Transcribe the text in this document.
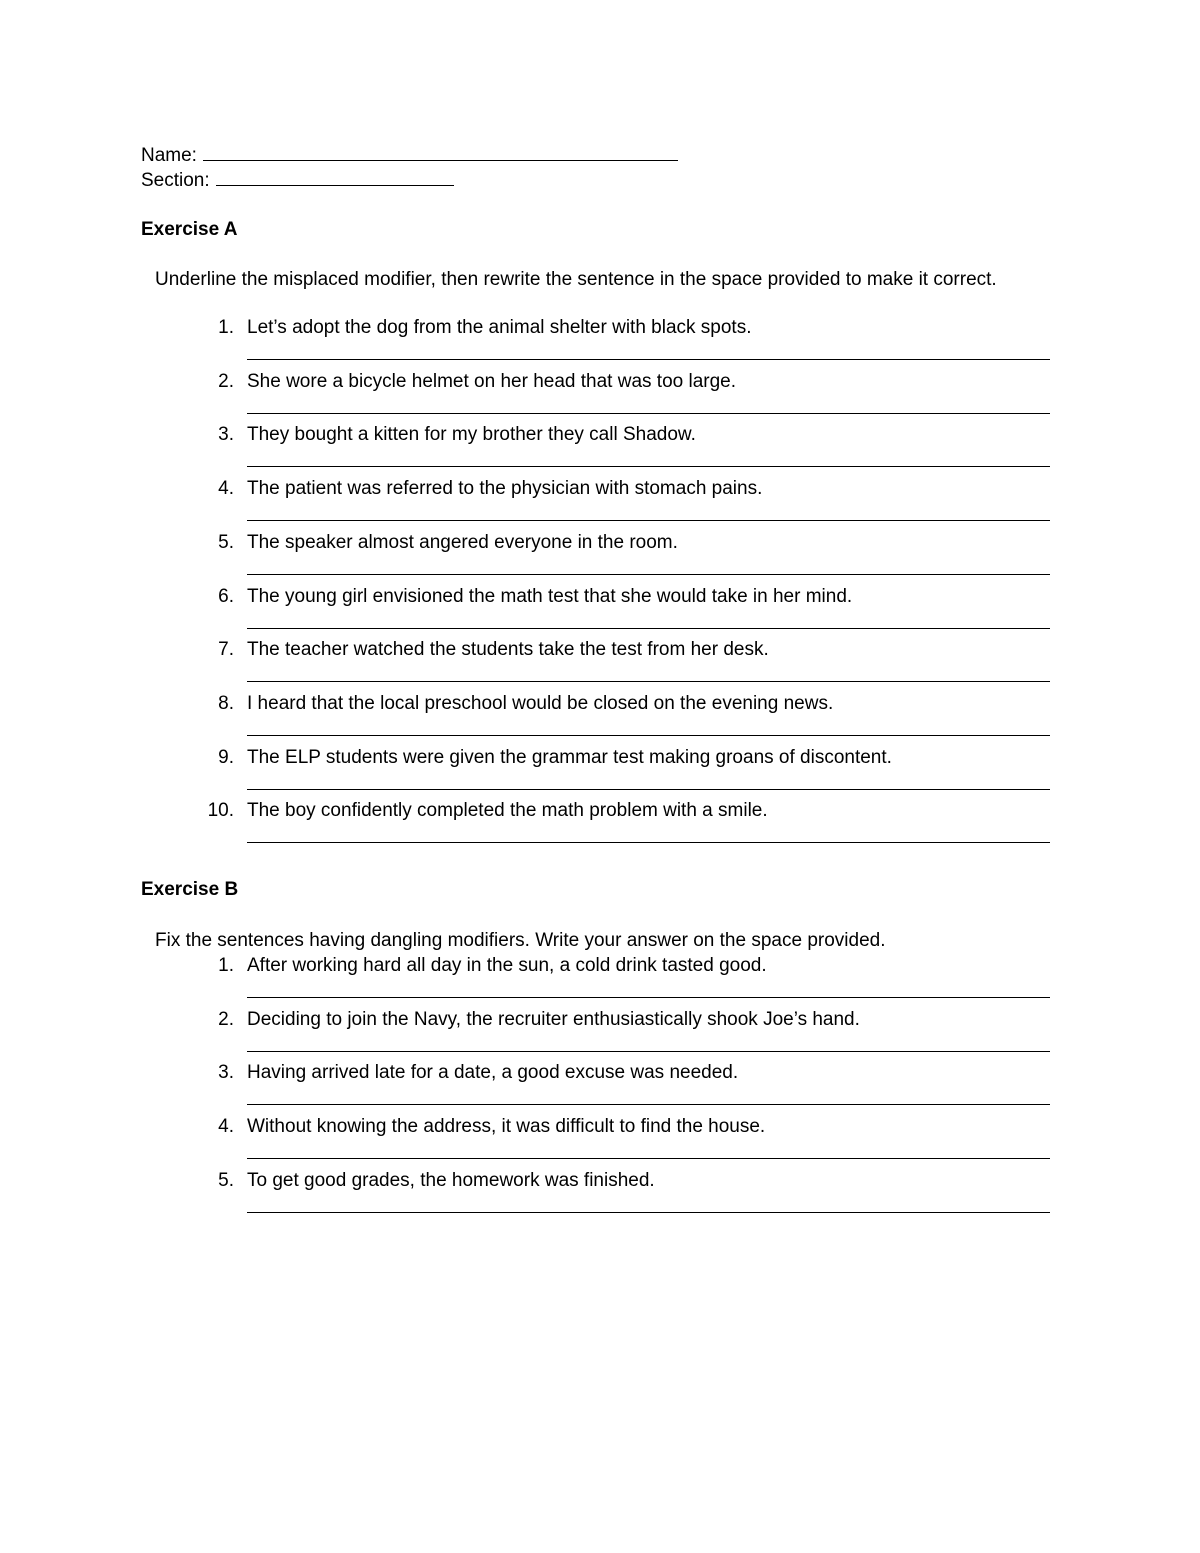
Name:
Section:
Exercise A
Underline the misplaced modifier, then rewrite the sentence in the space provided to make it correct.
1. Let’s adopt the dog from the animal shelter with black spots.
2. She wore a bicycle helmet on her head that was too large.
3. They bought a kitten for my brother they call Shadow.
4. The patient was referred to the physician with stomach pains.
5. The speaker almost angered everyone in the room.
6. The young girl envisioned the math test that she would take in her mind.
7. The teacher watched the students take the test from her desk.
8. I heard that the local preschool would be closed on the evening news.
9. The ELP students were given the grammar test making groans of discontent.
10. The boy confidently completed the math problem with a smile.
Exercise B
Fix the sentences having dangling modifiers. Write your answer on the space provided.
1. After working hard all day in the sun, a cold drink tasted good.
2. Deciding to join the Navy, the recruiter enthusiastically shook Joe’s hand.
3. Having arrived late for a date, a good excuse was needed.
4. Without knowing the address, it was difficult to find the house.
5. To get good grades, the homework was finished.
